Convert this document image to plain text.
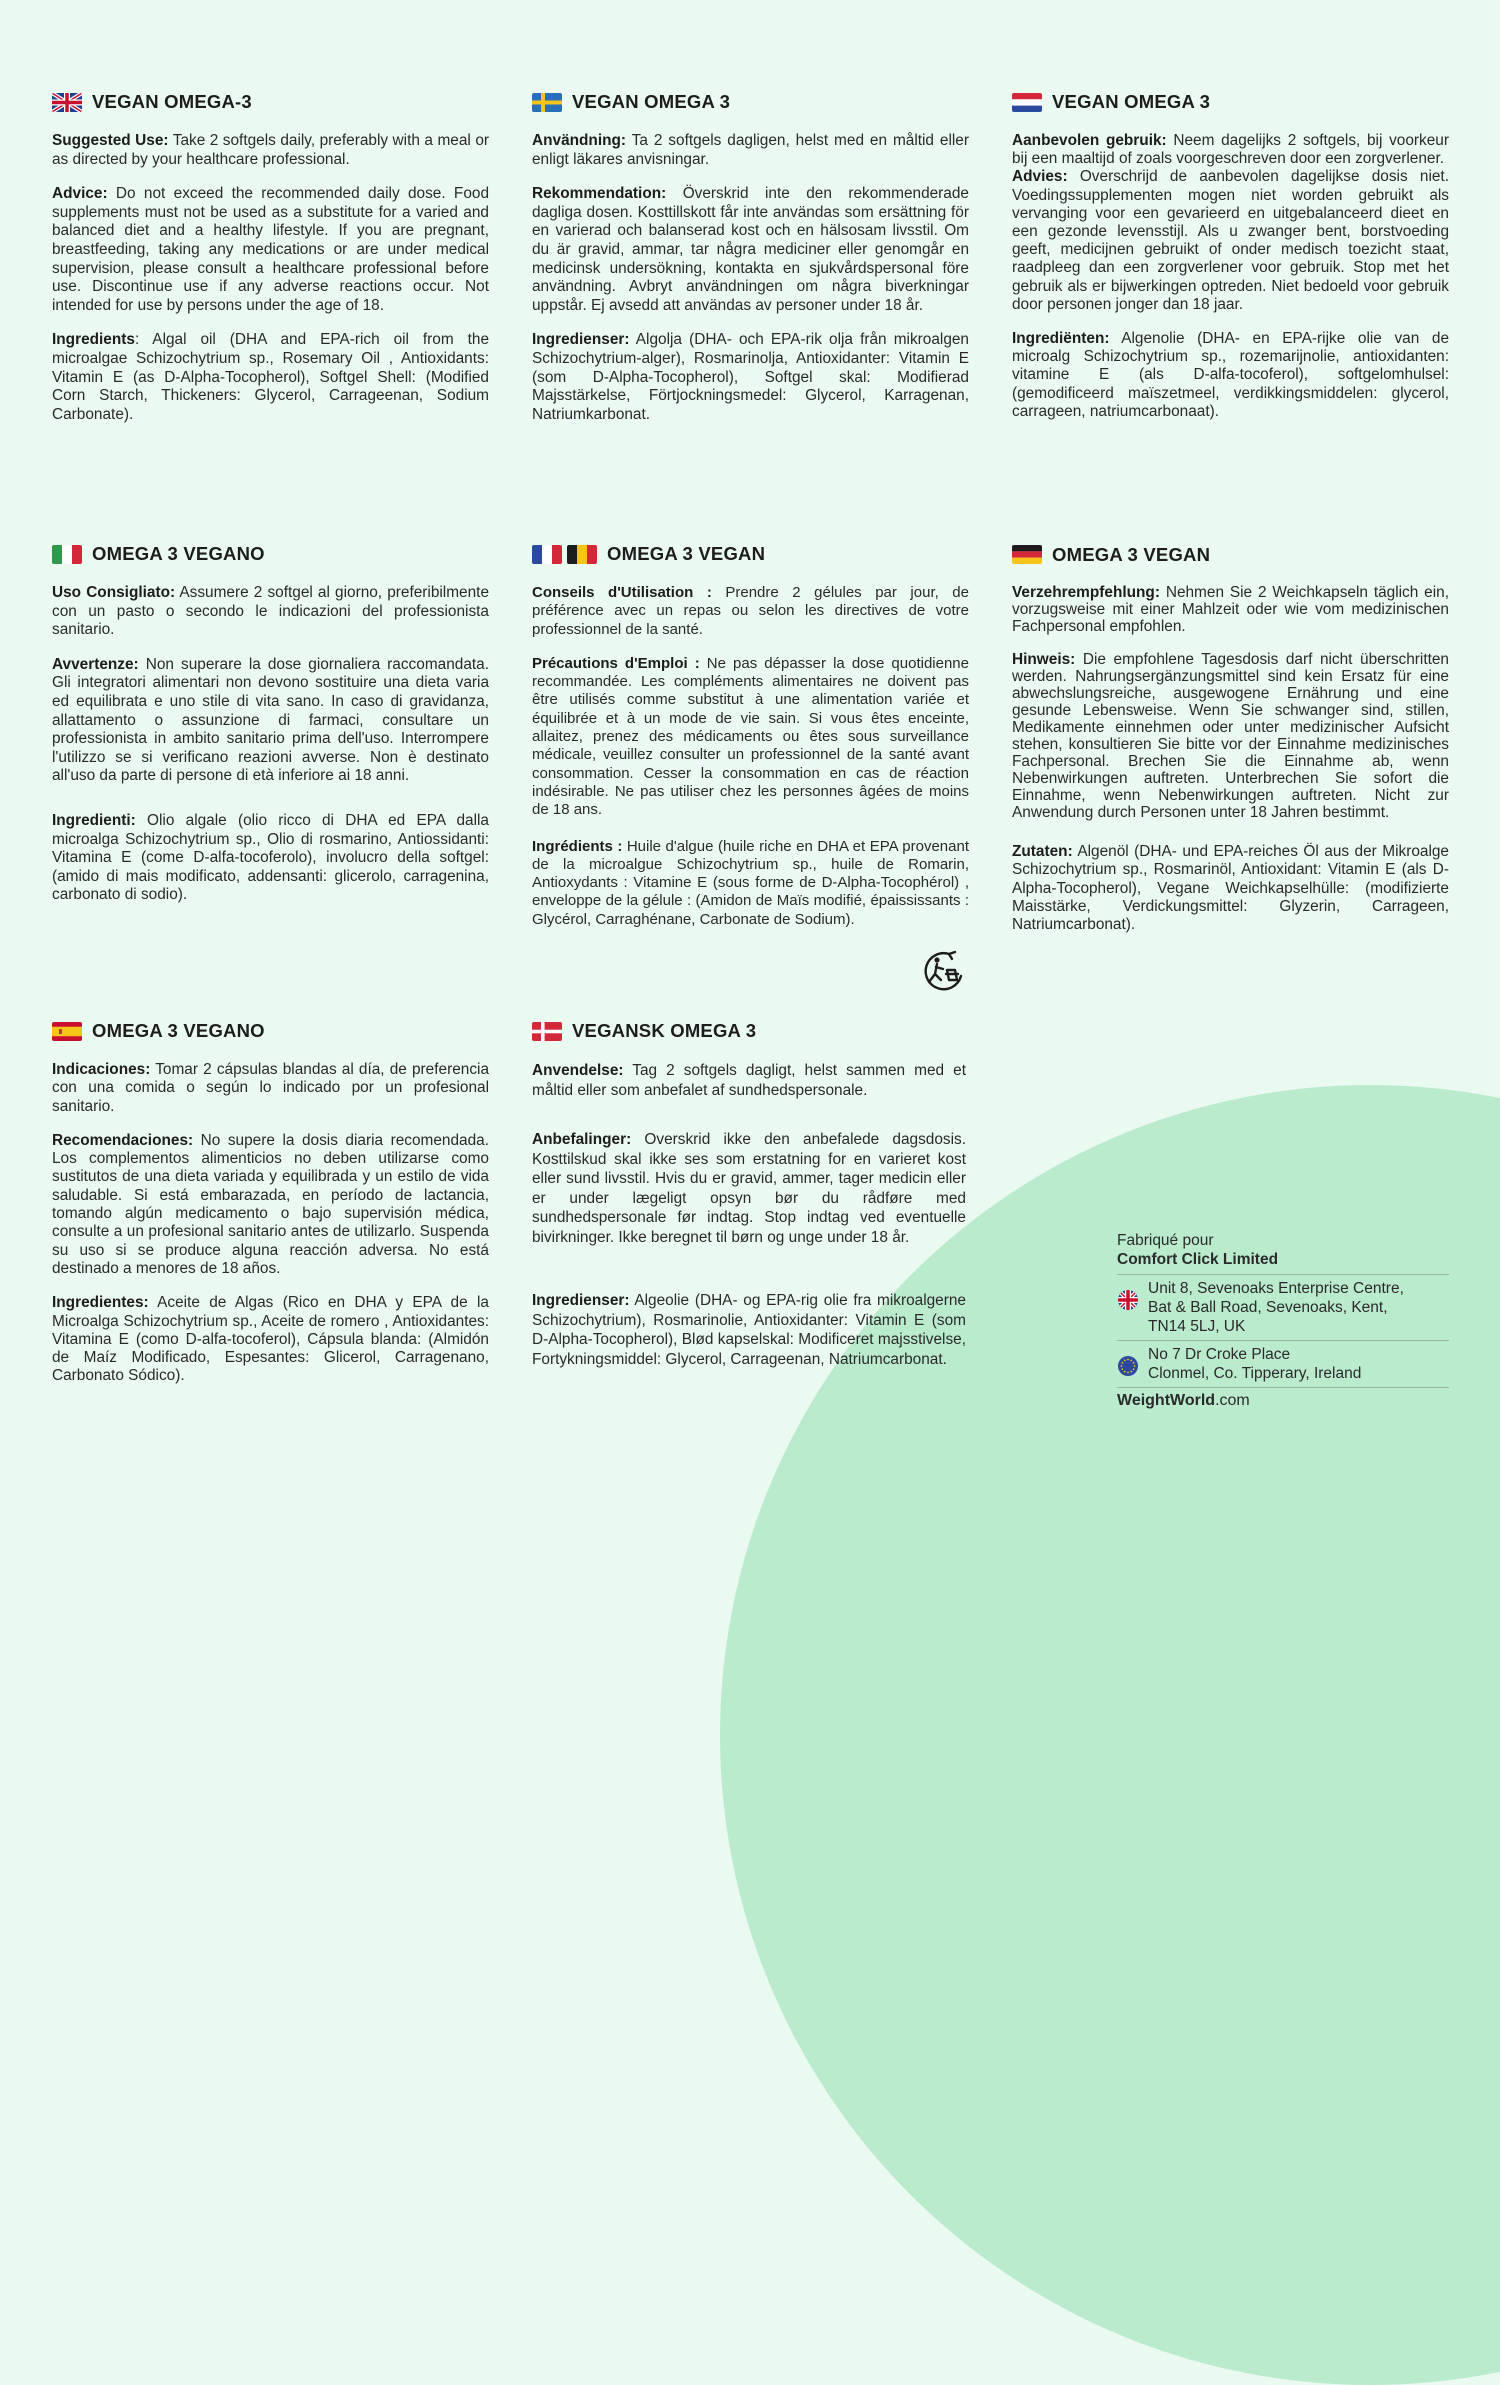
VEGAN OMEGA-3

Suggested Use: Take 2 softgels daily, preferably with a meal or as directed by your healthcare professional.

Advice: Do not exceed the recommended daily dose. Food supplements must not be used as a substitute for a varied and balanced diet and a healthy lifestyle. If you are pregnant, breastfeeding, taking any medications or are under medical supervision, please consult a healthcare professional before use. Discontinue use if any adverse reactions occur. Not intended for use by persons under the age of 18.

Ingredients: Algal oil (DHA and EPA-rich oil from the microalgae Schizochytrium sp., Rosemary Oil , Antioxidants: Vitamin E (as D-Alpha-Tocopherol), Softgel Shell: (Modified Corn Starch, Thickeners: Glycerol, Carrageenan, Sodium Carbonate).

VEGAN OMEGA 3

Användning: Ta 2 softgels dagligen, helst med en måltid eller enligt läkares anvisningar.

Rekommendation: Överskrid inte den rekommenderade dagliga dosen. Kosttillskott får inte användas som ersättning för en varierad och balanserad kost och en hälsosam livsstil. Om du är gravid, ammar, tar några mediciner eller genomgår en medicinsk undersökning, kontakta en sjukvårdspersonal före användning. Avbryt användningen om några biverkningar uppstår. Ej avsedd att användas av personer under 18 år.

Ingredienser: Algolja (DHA- och EPA-rik olja från mikroalgen Schizochytrium-alger), Rosmarinolja, Antioxidanter: Vitamin E (som D-Alpha-Tocopherol), Softgel skal: Modifierad Majsstärkelse, Förtjockningsmedel: Glycerol, Karragenan, Natriumkarbonat.

VEGAN OMEGA 3

Aanbevolen gebruik: Neem dagelijks 2 softgels, bij voorkeur bij een maaltijd of zoals voorgeschreven door een zorgverlener.

Advies: Overschrijd de aanbevolen dagelijkse dosis niet. Voedingssupplementen mogen niet worden gebruikt als vervanging voor een gevarieerd en uitgebalanceerd dieet en een gezonde levensstijl. Als u zwanger bent, borstvoeding geeft, medicijnen gebruikt of onder medisch toezicht staat, raadpleeg dan een zorgverlener voor gebruik. Stop met het gebruik als er bijwerkingen optreden. Niet bedoeld voor gebruik door personen jonger dan 18 jaar.

Ingrediënten: Algenolie (DHA- en EPA-rijke olie van de microalg Schizochytrium sp., rozemarijnolie, antioxidanten: vitamine E (als D-alfa-tocoferol), softgelomhulsel: (gemodificeerd maïszetmeel, verdikkingsmiddelen: glycerol, carrageen, natriumcarbonaat).

OMEGA 3 VEGANO

Uso Consigliato: Assumere 2 softgel al giorno, preferibilmente con un pasto o secondo le indicazioni del professionista sanitario.

Avvertenze: Non superare la dose giornaliera raccomandata. Gli integratori alimentari non devono sostituire una dieta varia ed equilibrata e uno stile di vita sano. In caso di gravidanza, allattamento o assunzione di farmaci, consultare un professionista in ambito sanitario prima dell'uso. Interrompere l'utilizzo se si verificano reazioni avverse. Non è destinato all'uso da parte di persone di età inferiore ai 18 anni.

Ingredienti: Olio algale (olio ricco di DHA ed EPA dalla microalga Schizochytrium sp., Olio di rosmarino, Antiossidanti: Vitamina E (come D-alfa-tocoferolo), involucro della softgel: (amido di mais modificato, addensanti: glicerolo, carragenina, carbonato di sodio).

OMEGA 3 VEGAN

Conseils d'Utilisation : Prendre 2 gélules par jour, de préférence avec un repas ou selon les directives de votre professionnel de la santé.

Précautions d'Emploi : Ne pas dépasser la dose quotidienne recommandée. Les compléments alimentaires ne doivent pas être utilisés comme substitut à une alimentation variée et équilibrée et à un mode de vie sain. Si vous êtes enceinte, allaitez, prenez des médicaments ou êtes sous surveillance médicale, veuillez consulter un professionnel de la santé avant consommation. Cesser la consommation en cas de réaction indésirable. Ne pas utiliser chez les personnes âgées de moins de 18 ans.

Ingrédients : Huile d'algue (huile riche en DHA et EPA provenant de la microalgue Schizochytrium sp., huile de Romarin, Antioxydants : Vitamine E (sous forme de D-Alpha-Tocophérol) , enveloppe de la gélule : (Amidon de Maïs modifié, épaississants : Glycérol, Carraghénane, Carbonate de Sodium).

OMEGA 3 VEGAN

Verzehrempfehlung: Nehmen Sie 2 Weichkapseln täglich ein, vorzugsweise mit einer Mahlzeit oder wie vom medizinischen Fachpersonal empfohlen.

Hinweis: Die empfohlene Tagesdosis darf nicht überschritten werden. Nahrungsergänzungsmittel sind kein Ersatz für eine abwechslungsreiche, ausgewogene Ernährung und eine gesunde Lebensweise. Wenn Sie schwanger sind, stillen, Medikamente einnehmen oder unter medizinischer Aufsicht stehen, konsultieren Sie bitte vor der Einnahme medizinisches Fachpersonal. Brechen Sie die Einnahme ab, wenn Nebenwirkungen auftreten. Unterbrechen Sie sofort die Einnahme, wenn Nebenwirkungen auftreten. Nicht zur Anwendung durch Personen unter 18 Jahren bestimmt.

Zutaten: Algenöl (DHA- und EPA-reiches Öl aus der Mikroalge Schizochytrium sp., Rosmarinöl, Antioxidant: Vitamin E (als D-Alpha-Tocopherol), Vegane Weichkapselhülle: (modifizierte Maisstärke, Verdickungsmittel: Glyzerin, Carrageen, Natriumcarbonat).

OMEGA 3 VEGANO

Indicaciones: Tomar 2 cápsulas blandas al día, de preferencia con una comida o según lo indicado por un profesional sanitario.

Recomendaciones: No supere la dosis diaria recomendada. Los complementos alimenticios no deben utilizarse como sustitutos de una dieta variada y equilibrada y un estilo de vida saludable. Si está embarazada, en período de lactancia, tomando algún medicamento o bajo supervisión médica, consulte a un profesional sanitario antes de utilizarlo. Suspenda su uso si se produce alguna reacción adversa. No está destinado a menores de 18 años.

Ingredientes: Aceite de Algas (Rico en DHA y EPA de la Microalga Schizochytrium sp., Aceite de romero , Antioxidantes: Vitamina E (como D-alfa-tocoferol), Cápsula blanda: (Almidón de Maíz Modificado, Espesantes: Glicerol, Carragenano, Carbonato Sódico).

VEGANSK OMEGA 3

Anvendelse: Tag 2 softgels dagligt, helst sammen med et måltid eller som anbefalet af sundhedspersonale.

Anbefalinger: Overskrid ikke den anbefalede dagsdosis. Kosttilskud skal ikke ses som erstatning for en varieret kost eller sund livsstil. Hvis du er gravid, ammer, tager medicin eller er under lægeligt opsyn bør du rådføre med sundhedspersonale før indtag. Stop indtag ved eventuelle bivirkninger. Ikke beregnet til børn og unge under 18 år.

Ingredienser: Algeolie (DHA- og EPA-rig olie fra mikroalgerne Schizochytrium), Rosmarinolie, Antioxidanter: Vitamin E (som D-Alpha-Tocopherol), Blød kapselskal: Modificeret majsstivelse, Fortykningsmiddel: Glycerol, Carrageenan, Natriumcarbonat.

Fabriqué pour
Comfort Click Limited
Unit 8, Sevenoaks Enterprise Centre,
Bat & Ball Road, Sevenoaks, Kent,
TN14 5LJ, UK
No 7 Dr Croke Place
Clonmel, Co. Tipperary, Ireland
WeightWorld.com
